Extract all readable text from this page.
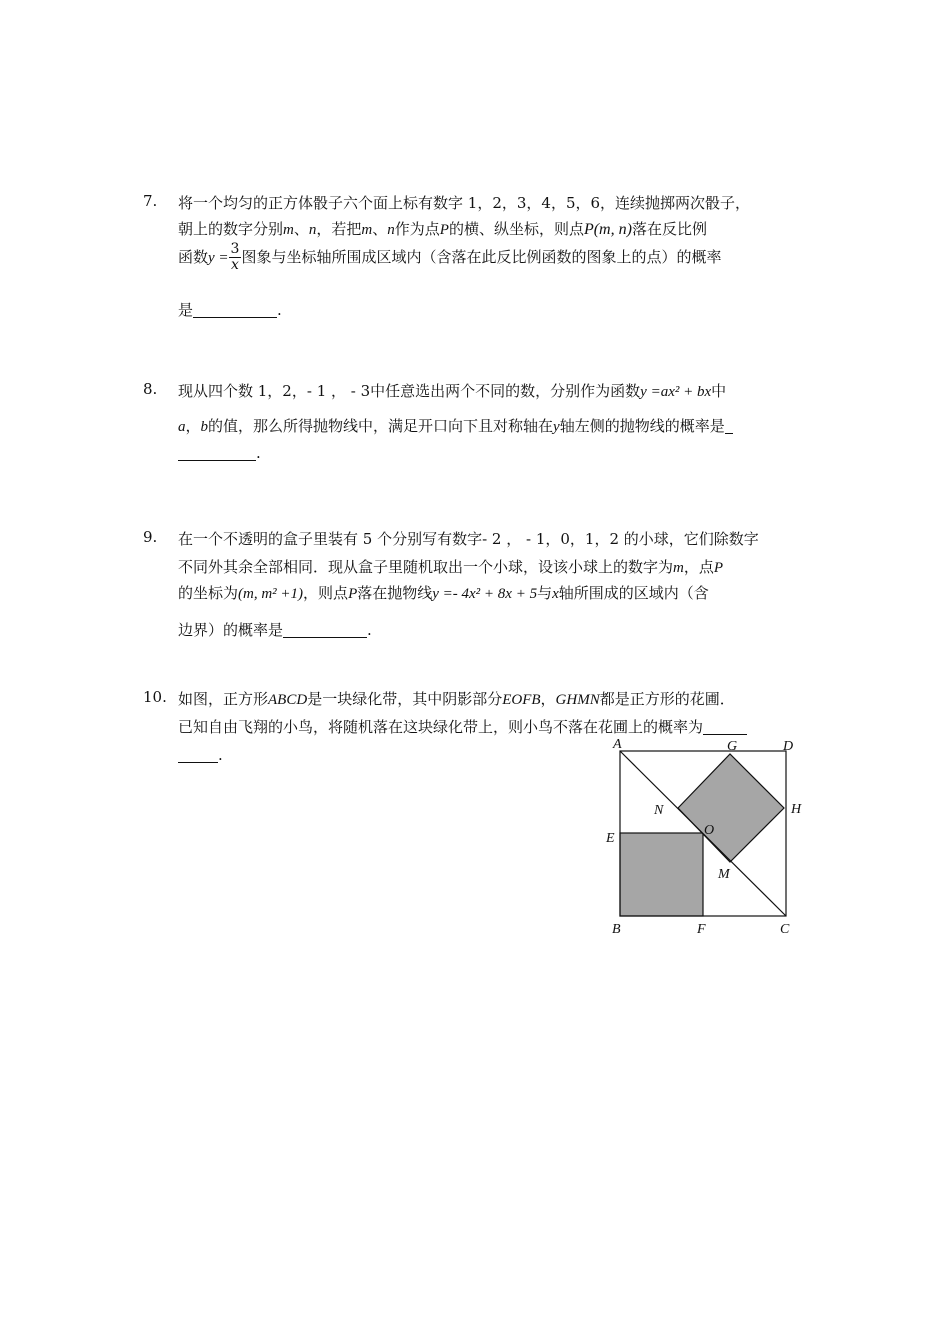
7. 将一个均匀的正方体骰子六个面上标有数字 1，2，3，4，5，6，连续抛掷两次骰子，
朝上的数字分别m、n，若把m、n作为点P的横、纵坐标，则点P(m, n)落在反比例
函数$y = \frac{3}{x}$ 图象与坐标轴所围成区域内（含落在此反比例函数的图象上的点）的概率
是	.
8. 现从四个数 1，2，- 1 ， - 3中任意选出两个不同的数，分别作为函数y =ax² + bx中
a，b的值，那么所得抛物线中，满足开口向下且对称轴在y轴左侧的抛物线的概率是
.
9. 在一个不透明的盒子里装有 5 个分别写有数字- 2 ， - 1，0，1，2 的小球，它们除数字
不同外其余全部相同．现从盒子里随机取出一个小球，设该小球上的数字为m，点P
的坐标为(m, m² +1)，则点P落在抛物线y =- 4x² + 8x + 5与x轴所围成的区域内（含
边界）的概率是	.
10. 如图，正方形ABCD是一块绿化带，其中阴影部分EOFB，GHMN都是正方形的花圃．
已知自由飞翔的小鸟，将随机落在这块绿化带上，则小鸟不落在花圃上的概率为
.
A	G	D
N	H
O
E
M
B	F	C
